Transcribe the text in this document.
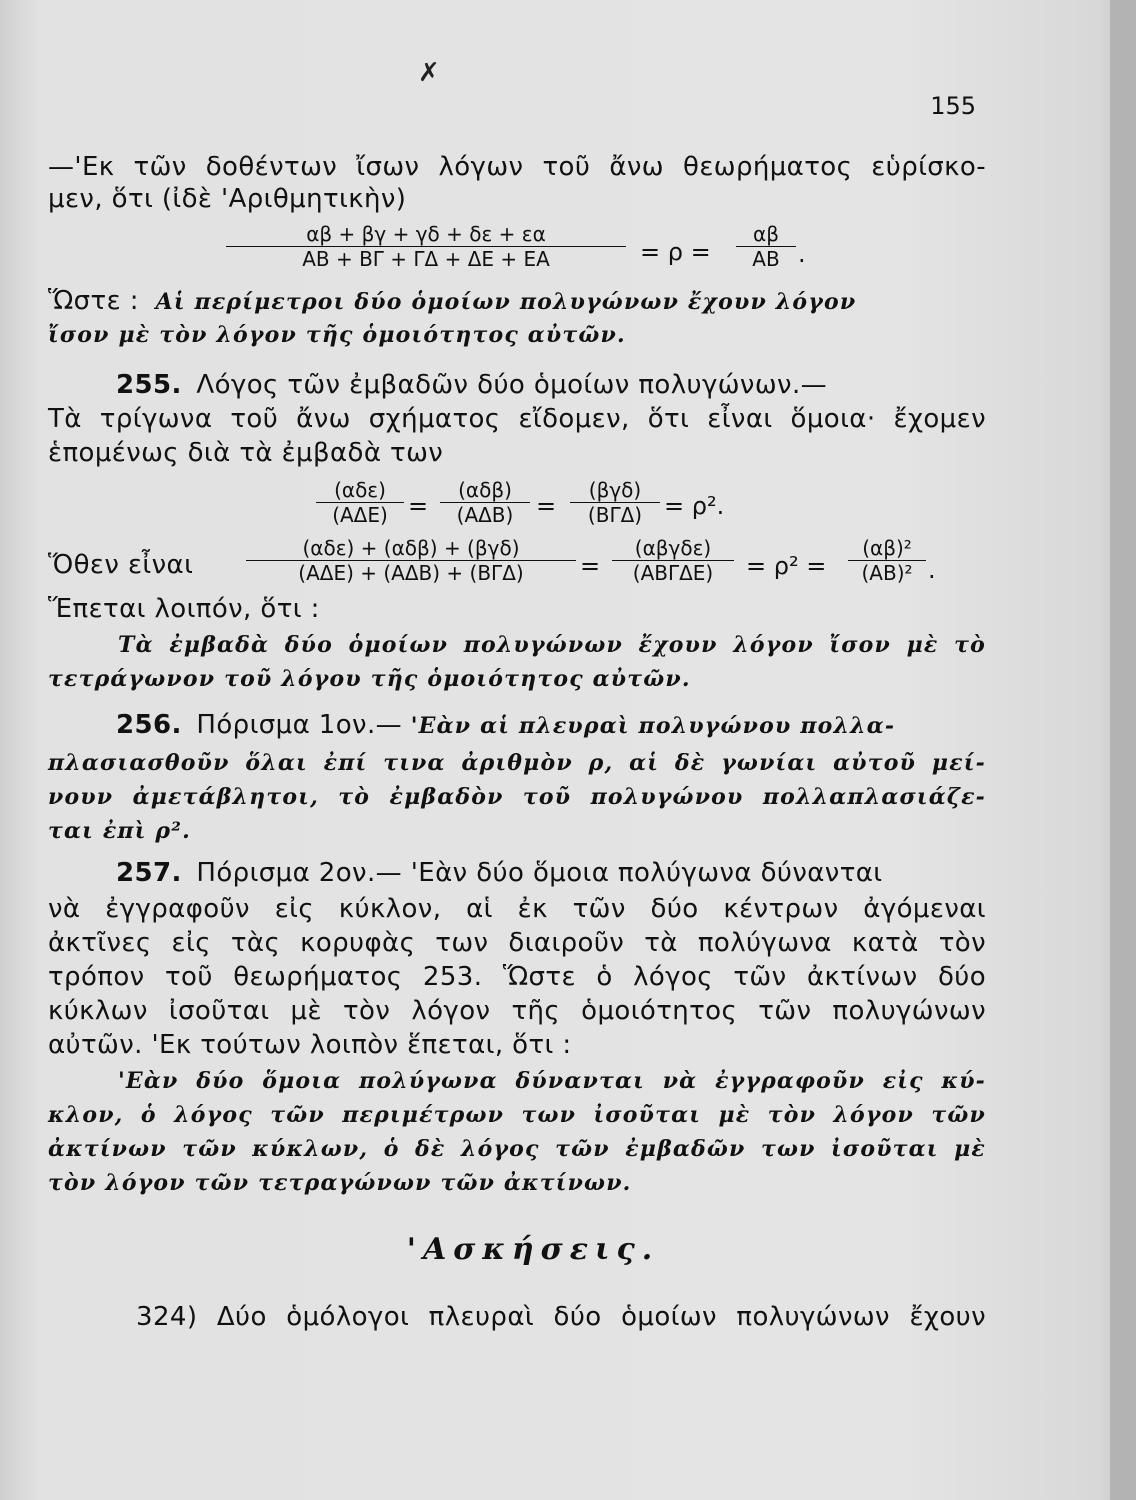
✗
155
—'Εκ τῶν δοθέντων ἴσων λόγων τοῦ ἄνω θεωρήματος εὑρίσκο-
μεν, ὅτι (ἰδὲ 'Αριθμητικὴν)
$\frac{\alpha\beta + \beta\gamma + \gamma\delta + \delta\varepsilon + \varepsilon\alpha}{AB + B\Gamma + \Gamma\Delta + \Delta E + EA} = \rho = \frac{\alpha\beta}{AB}$ .
Ὥστε : Αἱ περίμετροι δύο ὁμοίων πολυγώνων ἔχουν λόγον
ἴσον μὲ τὸν λόγον τῆς ὁμοιότητος αὐτῶν.
255. Λόγος τῶν ἐμβαδῶν δύο ὁμοίων πολυγώνων.—
Τὰ τρίγωνα τοῦ ἄνω σχήματος εἴδομεν, ὅτι εἶναι ὅμοια· ἔχομεν
ἑπομένως διὰ τὰ ἐμβαδὰ των
(αδε)
(ΑΔΕ) =
(αδβ)
(ΑΔΒ) =
(βγδ)
(ΒΓΔ) = ρ².
Ὅθεν εἶναι
(αδε) + (αδβ) + (βγδ)
(ΑΔΕ) + (ΑΔΒ) + (ΒΓΔ)	=
(αβγδε)
(ΑΒΓΔΕ)	= $\rho^2 = \frac{\text{(αβ)²}}{\text{(ΑΒ)²}}$ .
Ἕπεται λοιπόν, ὅτι :
Τὰ ἐμβαδὰ δύο ὁμοίων πολυγώνων ἔχουν λόγον ἴσον μὲ τὸ
τετράγωνον τοῦ λόγου τῆς ὁμοιότητος αὐτῶν.
256. Πόρισμα 1ον.— 'Εὰν αἱ πλευραὶ πολυγώνου πολλα-
πλασιασθοῦν ὅλαι ἐπί τινα ἀριθμὸν ρ, αἱ δὲ γωνίαι αὐτοῦ μεί-
νουν ἀμετάβλητοι, τὸ ἐμβαδὸν τοῦ πολυγώνου πολλαπλασιάζε-
ται ἐπὶ ρ².
257. Πόρισμα 2ον.— 'Εὰν δύο ὅμοια πολύγωνα δύνανται
νὰ ἐγγραφοῦν εἰς κύκλον, αἱ ἐκ τῶν δύο κέντρων ἀγόμεναι
ἀκτῖνες εἰς τὰς κορυφὰς των διαιροῦν τὰ πολύγωνα κατὰ τὸν
τρόπον τοῦ θεωρήματος 253. Ὥστε ὁ λόγος τῶν ἀκτίνων δύο
κύκλων ἰσοῦται μὲ τὸν λόγον τῆς ὁμοιότητος τῶν πολυγώνων
αὐτῶν. 'Εκ τούτων λοιπὸν ἕπεται, ὅτι :
'Εὰν δύο ὅμοια πολύγωνα δύνανται νὰ ἐγγραφοῦν εἰς κύ-
κλον, ὁ λόγος τῶν περιμέτρων των ἰσοῦται μὲ τὸν λόγον τῶν
ἀκτίνων τῶν κύκλων, ὁ δὲ λόγος τῶν ἐμβαδῶν των ἰσοῦται μὲ
τὸν λόγον τῶν τετραγώνων τῶν ἀκτίνων.
'Ασκήσεις.
324) Δύο ὁμόλογοι πλευραὶ δύο ὁμοίων πολυγώνων ἔχουν
